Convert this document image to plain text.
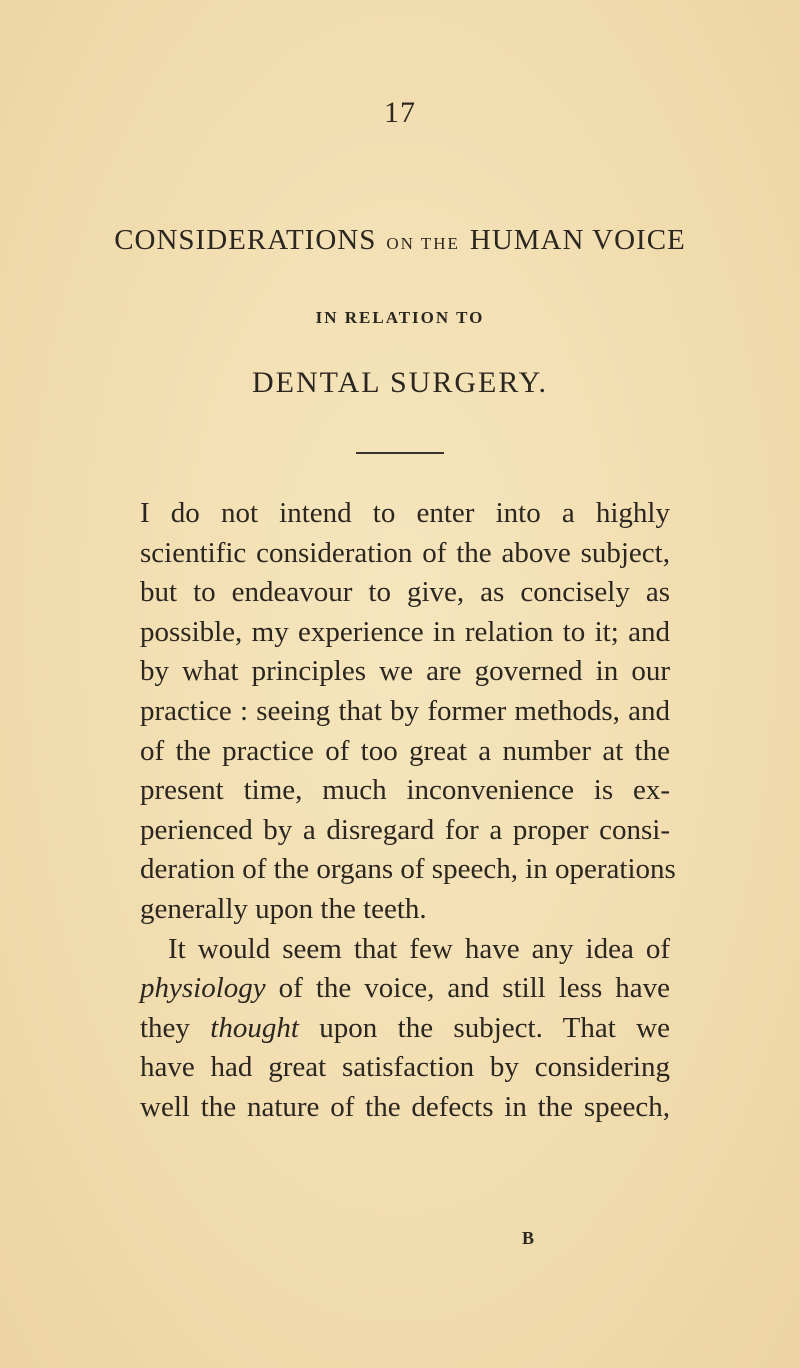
17
CONSIDERATIONS ON THE HUMAN VOICE
IN RELATION TO
DENTAL SURGERY.
I do not intend to enter into a highly
scientific consideration of the above subject,
but to endeavour to give, as concisely as
possible, my experience in relation to it; and
by what principles we are governed in our
practice : seeing that by former methods, and
of the practice of too great a number at the
present time, much inconvenience is ex-
perienced by a disregard for a proper consi-
deration of the organs of speech, in operations
generally upon the teeth.
It would seem that few have any idea of
physiology of the voice, and still less have
they thought upon the subject. That we
have had great satisfaction by considering
well the nature of the defects in the speech,
B
